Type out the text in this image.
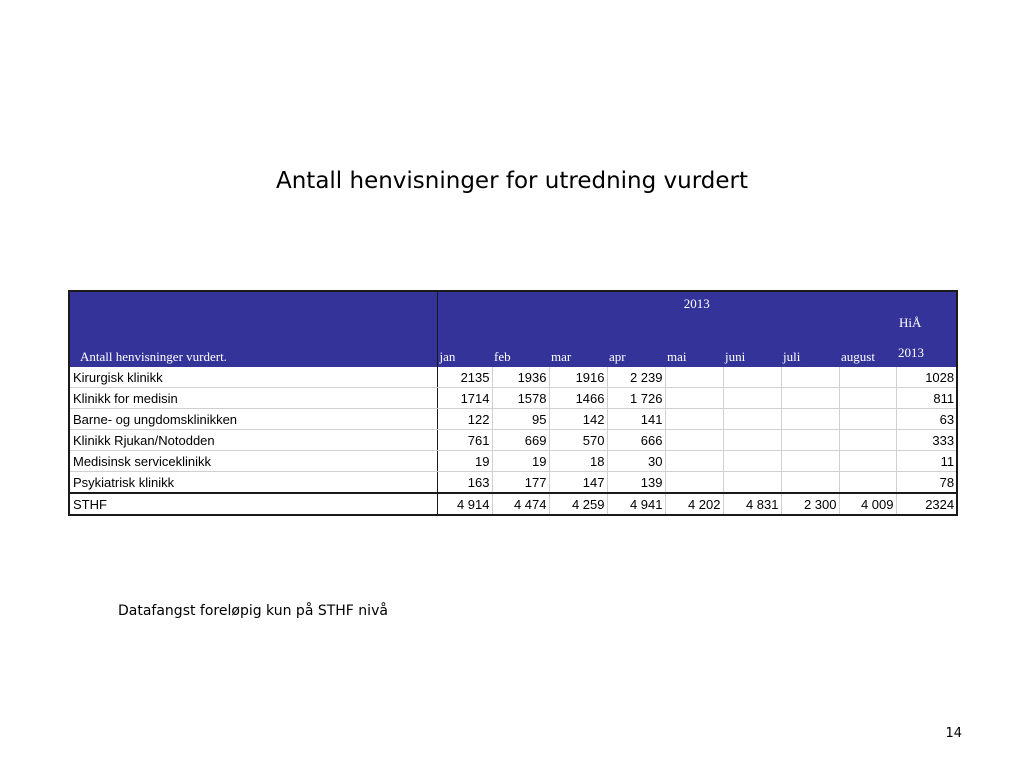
Antall henvisninger for utredning vurdert
HiÅ
Antall henvisninger vurdert.	2013								
	jan	feb	mar	apr	mai	juni	juli	august	2013
Kirurgisk klinikk	2135	1936	1916	2 239					1028
Klinikk for medisin	1714	1578	1466	1 726					811
Barne- og ungdomsklinikken	122	95	142	141					63
Klinikk Rjukan/Notodden	761	669	570	666					333
Medisinsk serviceklinikk	19	19	18	30					11
Psykiatrisk klinikk	163	177	147	139					78
STHF	4 914	4 474	4 259	4 941	4 202	4 831	2 300	4 009	2324
Datafangst foreløpig kun på STHF nivå
14
